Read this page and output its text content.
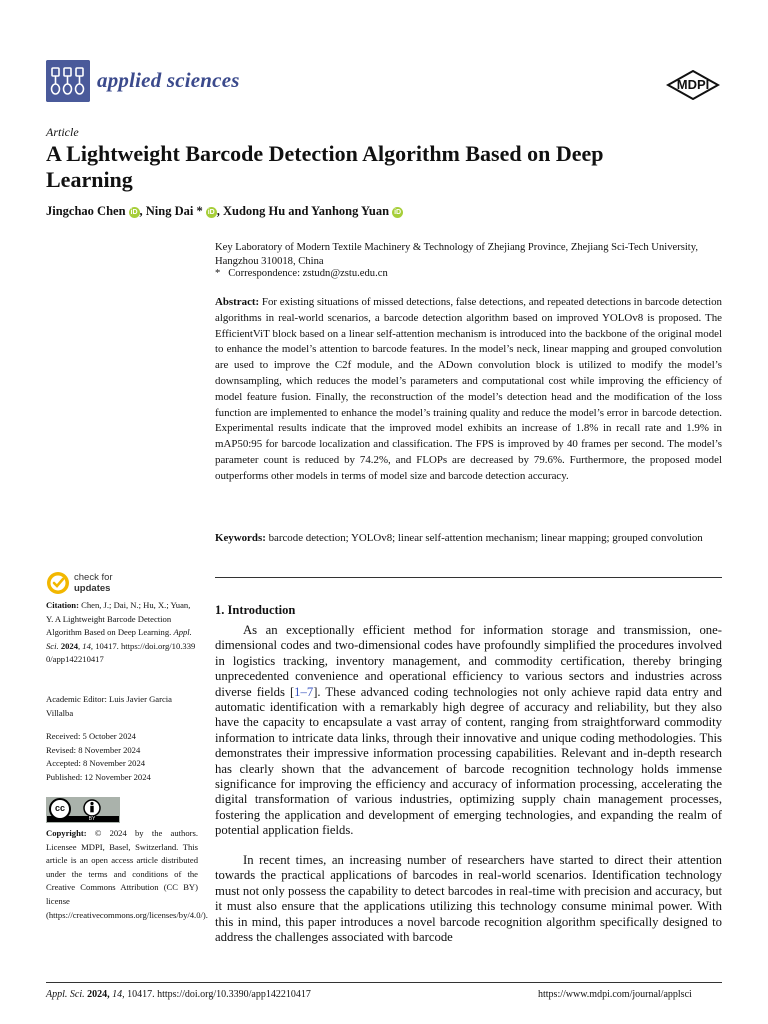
applied sciences	MDPI
Article
A Lightweight Barcode Detection Algorithm Based on Deep Learning
Jingchao Chen iD , Ning Dai * iD , Xudong Hu and Yanhong Yuan iD
Key Laboratory of Modern Textile Machinery & Technology of Zhejiang Province, Zhejiang Sci-Tech University, Hangzhou 310018, China
*   Correspondence: zstudn@zstu.edu.cn
Abstract: For existing situations of missed detections, false detections, and repeated detections in barcode detection algorithms in real-world scenarios, a barcode detection algorithm based on improved YOLOv8 is proposed. The EfficientViT block based on a linear self-attention mechanism is introduced into the backbone of the original model to enhance the model’s attention to barcode features. In the model’s neck, linear mapping and grouped convolution are used to improve the C2f module, and the ADown convolution block is utilized to modify the model’s downsampling, which reduces the model’s parameters and computational cost while improving the efficiency of model feature fusion. Finally, the reconstruction of the model’s detection head and the modification of the loss function are implemented to enhance the model’s training quality and reduce the model’s error in barcode detection. Experimental results indicate that the improved model exhibits an increase of 1.8% in recall rate and 1.9% in mAP50:95 for barcode localization and classification. The FPS is improved by 40 frames per second. The model’s parameter count is reduced by 74.2%, and FLOPs are decreased by 79.6%. Furthermore, the proposed model outperforms other models in terms of model size and barcode detection accuracy.
Keywords: barcode detection; YOLOv8; linear self-attention mechanism; linear mapping; grouped convolution
check for
updates
Citation: Chen, J.; Dai, N.; Hu, X.; Yuan, Y. A Lightweight Barcode Detection Algorithm Based on Deep Learning. Appl. Sci. 2024, 14, 10417. https://doi.org/10.3390/app142210417
Academic Editor: Luis Javier Garcia Villalba
Received: 5 October 2024
Revised: 8 November 2024
Accepted: 8 November 2024
Published: 12 November 2024
cc
BY
Copyright: © 2024 by the authors. Licensee MDPI, Basel, Switzerland. This article is an open access article distributed under the terms and conditions of the Creative Commons Attribution (CC BY) license (https://creativecommons.org/licenses/by/4.0/).
1. Introduction
As an exceptionally efficient method for information storage and transmission, one-dimensional codes and two-dimensional codes have profoundly simplified the procedures involved in logistics tracking, inventory management, and commodity certification, thereby bringing unprecedented convenience and operational efficiency to various sectors and industries across diverse fields [1–7]. These advanced coding technologies not only achieve rapid data entry and automatic identification with a remarkably high degree of accuracy and reliability, but they also have the capacity to encapsulate a vast array of content, ranging from straightforward commodity information to intricate data links, through their innovative and unique coding methodologies. This demonstrates their impressive information processing capabilities. Relevant and in-depth research has clearly shown that the advancement of barcode recognition technology holds immense significance for improving the efficiency and accuracy of information processing, accelerating the digital transformation of various industries, optimizing supply chain management processes, fostering the application and development of emerging technologies, and expanding the realm of potential application fields.
In recent times, an increasing number of researchers have started to direct their attention towards the practical applications of barcodes in real-world scenarios. Identification technology must not only possess the capability to detect barcodes in real-time with precision and accuracy, but it must also ensure that the applications utilizing this technology consume minimal power. With this in mind, this paper introduces a novel barcode recognition algorithm specifically designed to address the challenges associated with barcode
Appl. Sci. 2024, 14, 10417. https://doi.org/10.3390/app142210417	https://www.mdpi.com/journal/applsci
